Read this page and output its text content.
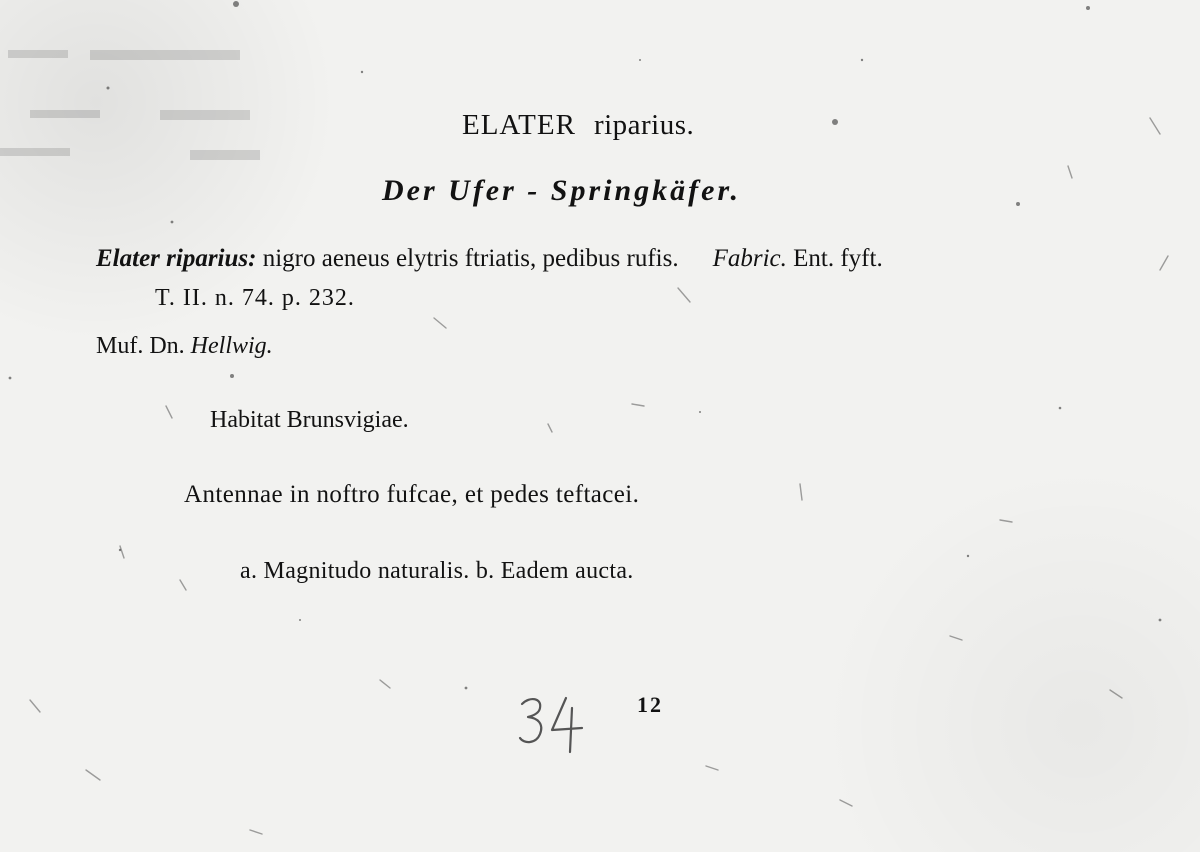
ELATER riparius.
Der Ufer - Springkäfer.
Elater riparius: nigro aeneus elytris ftriatis, pedibus rufis. Fabric. Ent. fyft.
T. II. n. 74. p. 232.
Muf. Dn. Hellwig.
Habitat Brunsvigiae.
Antennae in noftro fufcae, et pedes teftacei.
a. Magnitudo naturalis. b. Eadem aucta.
12
